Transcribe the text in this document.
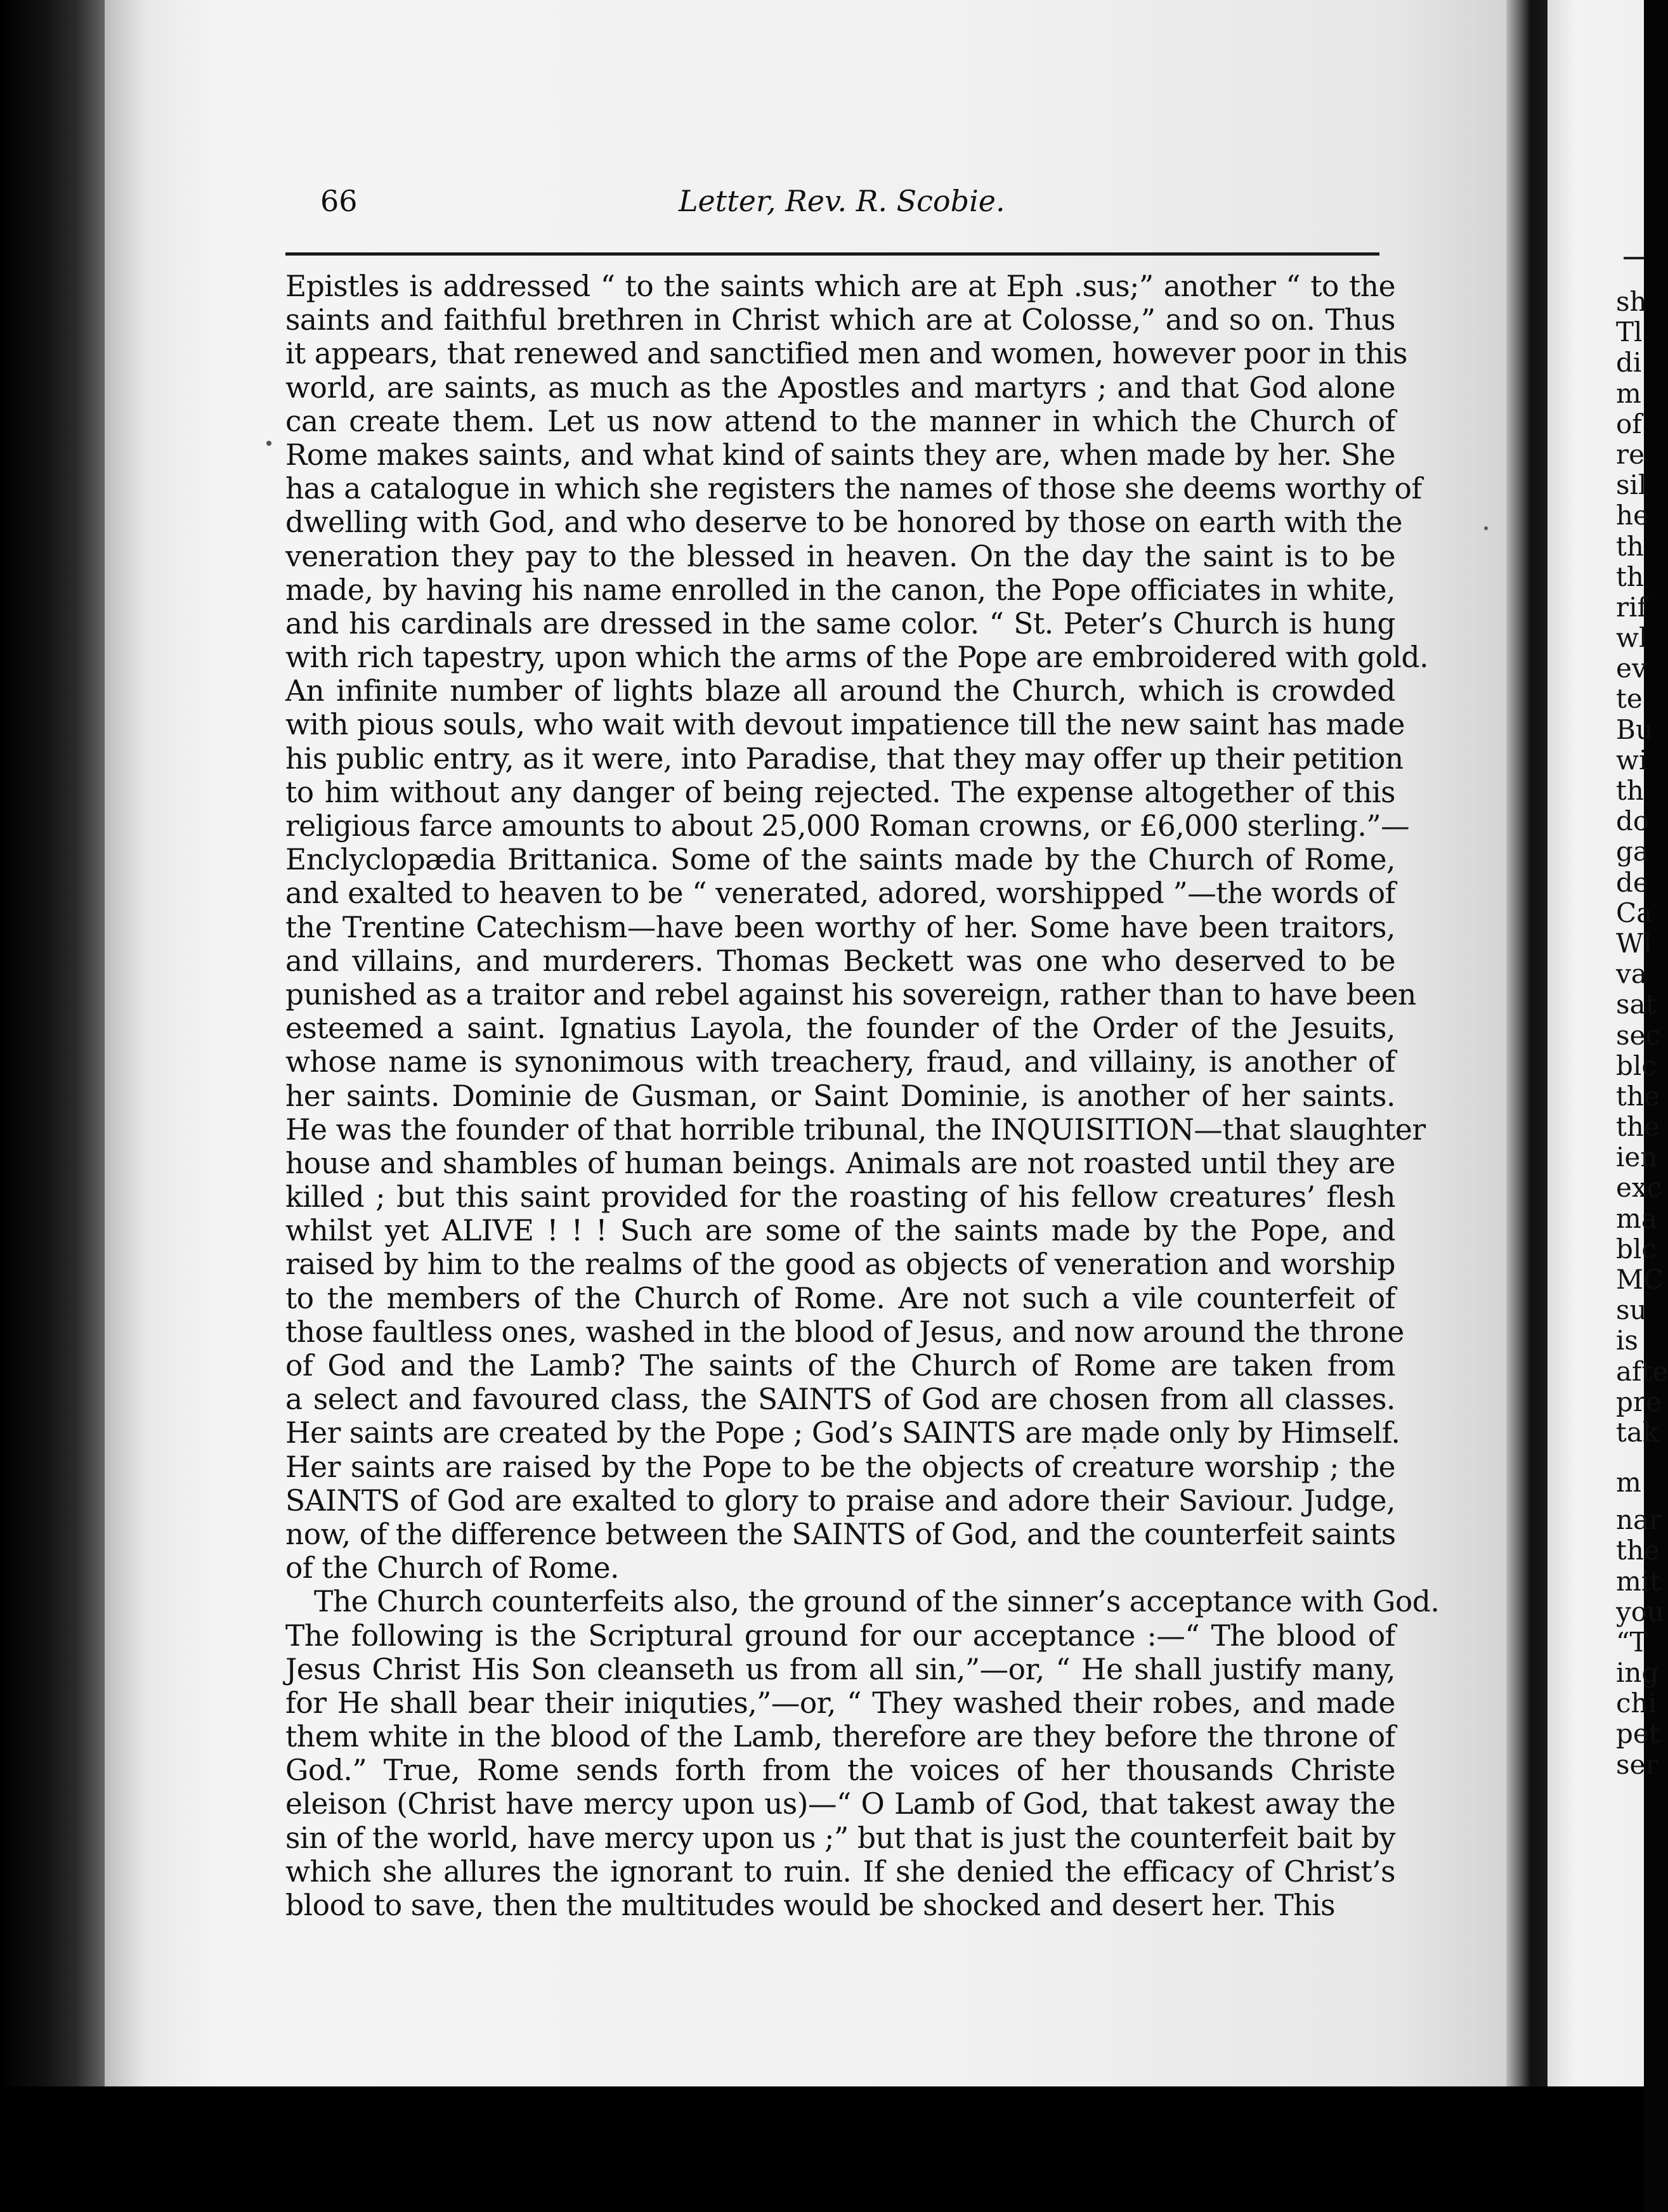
66	Letter, Rev. R. Scobie.
Epistles is addressed “ to the saints which are at Eph .sus;” another “ to the
saints and faithful brethren in Christ which are at Colosse,” and so on. Thus
it appears, that renewed and sanctified men and women, however poor in this
world, are saints, as much as the Apostles and martyrs ; and that God alone
can create them. Let us now attend to the manner in which the Church of
Rome makes saints, and what kind of saints they are, when made by her. She
has a catalogue in which she registers the names of those she deems worthy of
dwelling with God, and who deserve to be honored by those on earth with the
veneration they pay to the blessed in heaven. On the day the saint is to be
made, by having his name enrolled in the canon, the Pope officiates in white,
and his cardinals are dressed in the same color. “ St. Peter’s Church is hung
with rich tapestry, upon which the arms of the Pope are embroidered with gold.
An infinite number of lights blaze all around the Church, which is crowded
with pious souls, who wait with devout impatience till the new saint has made
his public entry, as it were, into Paradise, that they may offer up their petition
to him without any danger of being rejected. The expense altogether of this
religious farce amounts to about 25,000 Roman crowns, or £6,000 sterling.”—
Enclyclopædia Brittanica. Some of the saints made by the Church of Rome,
and exalted to heaven to be “ venerated, adored, worshipped ”—the words of
the Trentine Catechism—have been worthy of her. Some have been traitors,
and villains, and murderers. Thomas Beckett was one who deserved to be
punished as a traitor and rebel against his sovereign, rather than to have been
esteemed a saint. Ignatius Layola, the founder of the Order of the Jesuits,
whose name is synonimous with treachery, fraud, and villainy, is another of
her saints. Dominie de Gusman, or Saint Dominie, is another of her saints.
He was the founder of that horrible tribunal, the INQUISITION—that slaughter
house and shambles of human beings. Animals are not roasted until they are
killed ; but this saint provided for the roasting of his fellow creatures’ flesh
whilst yet ALIVE ! ! ! Such are some of the saints made by the Pope, and
raised by him to the realms of the good as objects of veneration and worship
to the members of the Church of Rome. Are not such a vile counterfeit of
those faultless ones, washed in the blood of Jesus, and now around the throne
of God and the Lamb? The saints of the Church of Rome are taken from
a select and favoured class, the SAINTS of God are chosen from all classes.
Her saints are created by the Pope ; God’s SAINTS are made only by Himself.
Her saints are raised by the Pope to be the objects of creature worship ; the
SAINTS of God are exalted to glory to praise and adore their Saviour. Judge,
now, of the difference between the SAINTS of God, and the counterfeit saints
of the Church of Rome.
The Church counterfeits also, the ground of the sinner’s acceptance with God.
The following is the Scriptural ground for our acceptance :—“ The blood of
Jesus Christ His Son cleanseth us from all sin,”—or, “ He shall justify many,
for He shall bear their iniquties,”—or, “ They washed their robes, and made
them white in the blood of the Lamb, therefore are they before the throne of
God.” True, Rome sends forth from the voices of her thousands Christe
eleison (Christ have mercy upon us)—“ O Lamb of God, that takest away the
sin of the world, have mercy upon us ;” but that is just the counterfeit bait by
which she allures the ignorant to ruin. If she denied the efficacy of Christ’s
blood to save, then the multitudes would be shocked and desert her. This
sh
Tl
di
m
of
re
sil
he
th
th
rif
wl
ev
te
Bu
wi
th
do
ga
de
Ca
Wl
va
sat
sec
blc
the
the
ien
exc
ma
blc
MC
su
is
afte
pre
tak
m
nar
the
mit
you
“T
ing
chi
pet
ser
